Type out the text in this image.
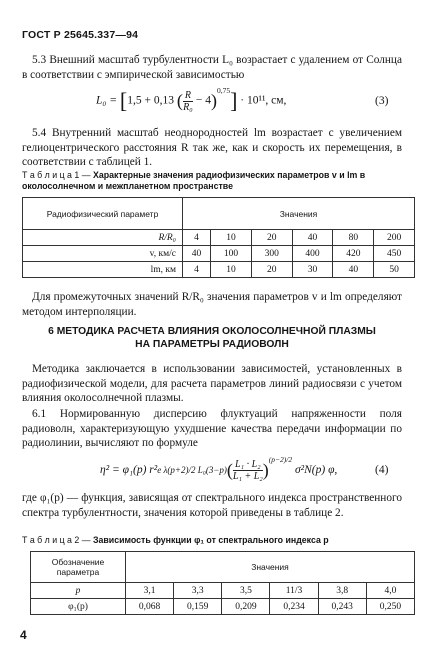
ГОСТ Р 25645.337—94
5.3 Внешний масштаб турбулентности L₀ возрастает с удалением от Солнца в соответствии с эмпирической зависимостью
L₀ = [1,5 + 0,13 ( $\frac{R}{\text{R₀}} - 4)^{0,75}] \cdot 10^{11}$, см,	(3)
5.4 Внутренний масштаб неоднородностей lm возрастает с увеличением гелиоцентрического расстояния R так же, как и скорость их перемещения, в соответствии с таблицей 1.
Т а б л и ц а 1 — Характерные значения радиофизических параметров v и lm в околосолнечном и межпланетном пространстве
Радиофизический параметр	Значения					
R/R₀	4	10	20	40	80	200
v, км/с	40	100	300	400	420	450
lm, км	4	10	20	30	40	50
Для промежуточных значений R/R₀ значения параметров v и lm определяют методом интерполяции.
6 МЕТОДИКА РАСЧЕТА ВЛИЯНИЯ ОКОЛОСОЛНЕЧНОЙ ПЛАЗМЫ
НА ПАРАМЕТРЫ РАДИОВОЛН
Методика заключается в использовании зависимостей, установленных в радиофизической модели, для расчета параметров линий радиосвязи с учетом влияния околосолнечной плазмы.
6.1 Нормированную дисперсию флуктуаций напряженности поля радиоволн, характеризующую ухудшение качества передачи информации по радиолинии, вычисляют по формуле
η² = φ₁(p) r²e λ(p+2)/2 $L_0(3-p)( \frac{\text{L₁ · L₂}}{\text{L₁ + L₂}} )^{(p-2)/2}$ σ²N(p) φ,	(4)
где φ₁(p) — функция, зависящая от спектрального индекса пространственного спектра турбулентности, значения которой приведены в таблице 2.
Т а б л и ц а 2 — Зависимость функции φ₁ от спектрального индекса p
Обозначение параметра	Значения					
p	3,1	3,3	3,5	11/3	3,8	4,0
φ₁(p)	0,068	0,159	0,209	0,234	0,243	0,250
4
